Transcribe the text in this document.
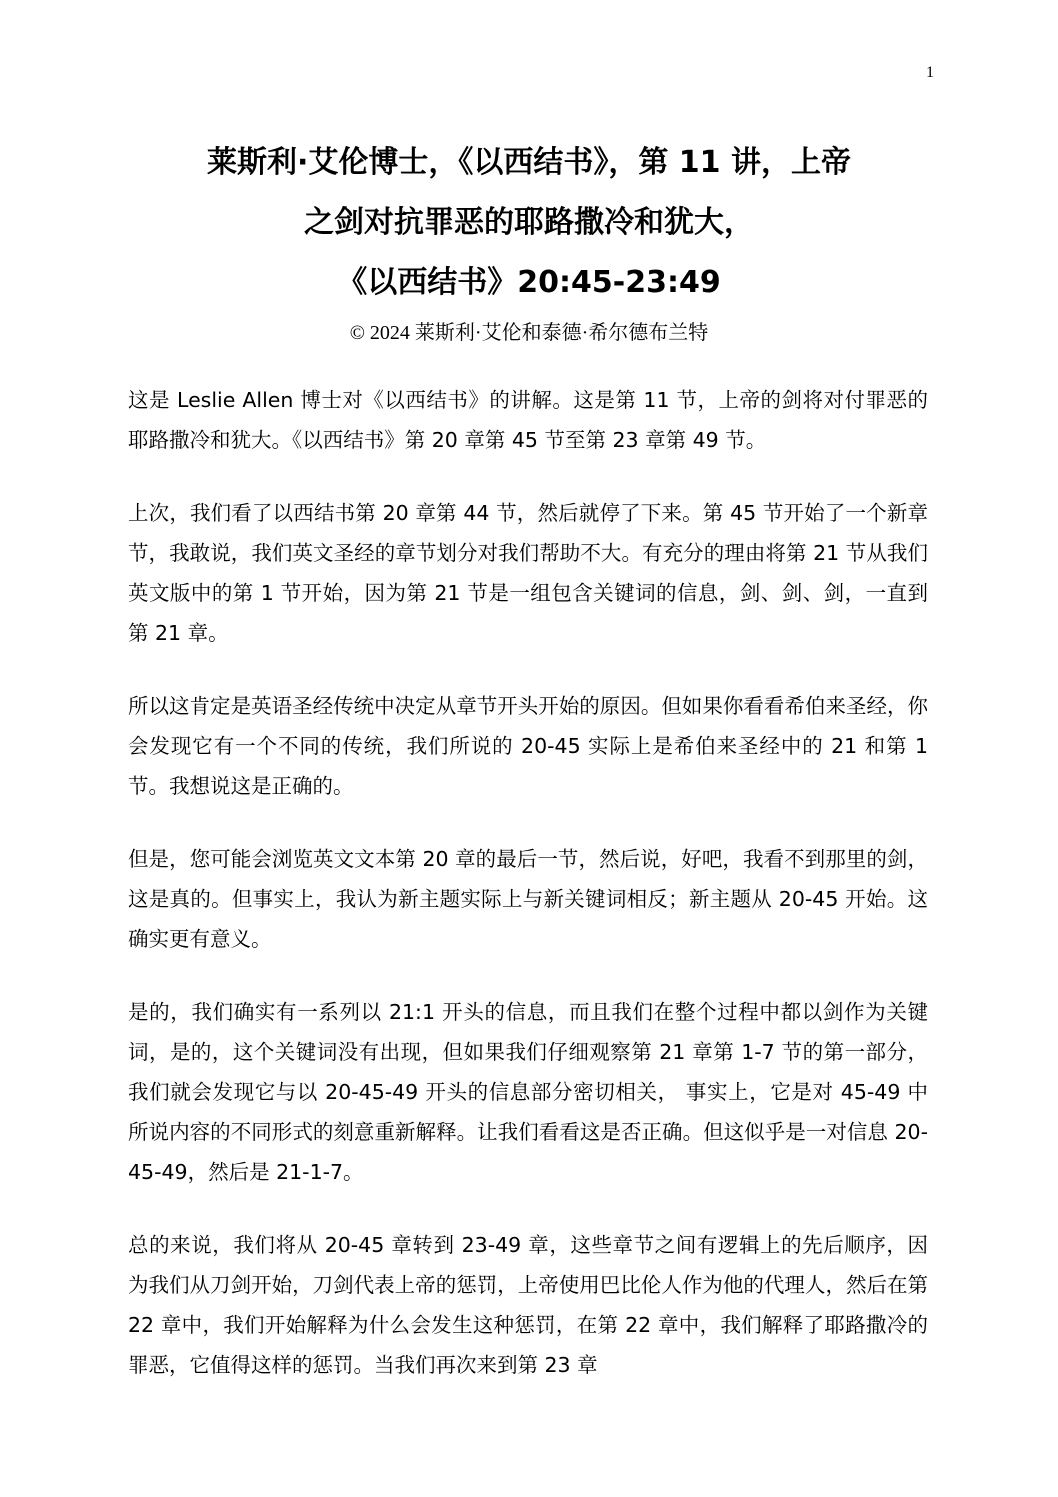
1
莱斯利·艾伦博士，《以西结书》，第 11 讲，上帝
之剑对抗罪恶的耶路撒冷和犹大，
《以西结书》20:45-23:49
© 2024 莱斯利·艾伦和泰德·希尔德布兰特

这是 Leslie Allen 博士对《以西结书》的讲解。这是第 11 节，上帝的剑将对付罪恶的耶路撒冷和犹大。《以西结书》第 20 章第 45 节至第 23 章第 49 节。

上次，我们看了以西结书第 20 章第 44 节，然后就停了下来。第 45 节开始了一个新章节，我敢说，我们英文圣经的章节划分对我们帮助不大。有充分的理由将第 21 节从我们英文版中的第 1 节开始，因为第 21 节是一组包含关键词的信息，剑、剑、剑，一直到第 21 章。

所以这肯定是英语圣经传统中决定从章节开头开始的原因。但如果你看看希伯来圣经，你会发现它有一个不同的传统，我们所说的 20-45 实际上是希伯来圣经中的 21 和第 1 节。我想说这是正确的。

但是，您可能会浏览英文文本第 20 章的最后一节，然后说，好吧，我看不到那里的剑，这是真的。但事实上，我认为新主题实际上与新关键词相反；新主题从 20-45 开始。这确实更有意义。

是的，我们确实有一系列以 21:1 开头的信息，而且我们在整个过程中都以剑作为关键词，是的，这个关键词没有出现，但如果我们仔细观察第 21 章第 1-7 节的第一部分，我们就会发现它与以 20-45-49 开头的信息部分密切相关， 事实上，它是对 45-49 中所说内容的不同形式的刻意重新解释。让我们看看这是否正确。但这似乎是一对信息 20-45-49，然后是 21-1-7。

总的来说，我们将从 20-45 章转到 23-49 章，这些章节之间有逻辑上的先后顺序，因为我们从刀剑开始，刀剑代表上帝的惩罚，上帝使用巴比伦人作为他的代理人，然后在第 22 章中，我们开始解释为什么会发生这种惩罚，在第 22 章中，我们解释了耶路撒冷的罪恶，它值得这样的惩罚。当我们再次来到第 23 章
